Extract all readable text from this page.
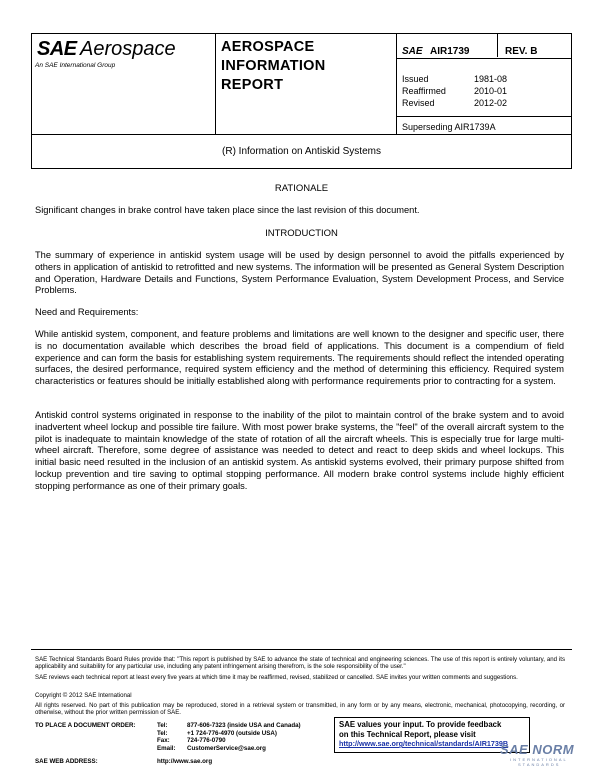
SAE Aerospace
An SAE International Group
AEROSPACE
INFORMATION
REPORT
SAE AIR1739	REV. B
Issued	1981-08
Reaffirmed	2010-01
Revised	2012-02
Superseding AIR1739A
(R) Information on Antiskid Systems
RATIONALE
Significant changes in brake control have taken place since the last revision of this document.
INTRODUCTION
The summary of experience in antiskid system usage will be used by design personnel to avoid the pitfalls experienced by others in application of antiskid to retrofitted and new systems. The information will be presented as General System Description and Operation, Hardware Details and Functions, System Performance Evaluation, System Development Process, and Service Problems.
Need and Requirements:
While antiskid system, component, and feature problems and limitations are well known to the designer and specific user, there is no documentation available which describes the broad field of applications. This document is a compendium of field experience and can form the basis for establishing system requirements. The requirements should reflect the intended operating surfaces, the desired performance, required system efficiency and the method of determining this efficiency. Required system characteristics or features should be initially established along with performance requirements prior to contracting for a system.
Antiskid control systems originated in response to the inability of the pilot to maintain control of the brake system and to avoid inadvertent wheel lockup and possible tire failure. With most power brake systems, the "feel" of the overall aircraft system to the pilot is inadequate to maintain knowledge of the state of rotation of all the aircraft wheels. This is especially true for large multi-wheel aircraft. Therefore, some degree of assistance was needed to detect and react to deep skids and wheel lockups. This initial basic need resulted in the inclusion of an antiskid system. As antiskid systems evolved, their primary purpose shifted from lockup prevention and tire saving to optimal stopping performance. All modern brake control systems include highly efficient stopping performance as one of their primary goals.
SAE Technical Standards Board Rules provide that: "This report is published by SAE to advance the state of technical and engineering sciences. The use of this report is entirely voluntary, and its applicability and suitability for any particular use, including any patent infringement arising therefrom, is the sole responsibility of the user."
SAE reviews each technical report at least every five years at which time it may be reaffirmed, revised, stabilized or cancelled. SAE invites your written comments and suggestions.
Copyright © 2012 SAE International
All rights reserved. No part of this publication may be reproduced, stored in a retrieval system or transmitted, in any form or by any means, electronic, mechanical, photocopying, recording, or otherwise, without the prior written permission of SAE.
TO PLACE A DOCUMENT ORDER:	Tel:	877-606-7323 (inside USA and Canada)
Tel:	+1 724-776-4970 (outside USA)
Fax:	724-776-0790
Email: CustomerService@sae.org
SAE WEB ADDRESS:	http://www.sae.org
SAE values your input. To provide feedback
on this Technical Report, please visit
http://www.sae.org/technical/standards/AIR1739B
SAE NORM
INTERNATIONAL STANDARDS
